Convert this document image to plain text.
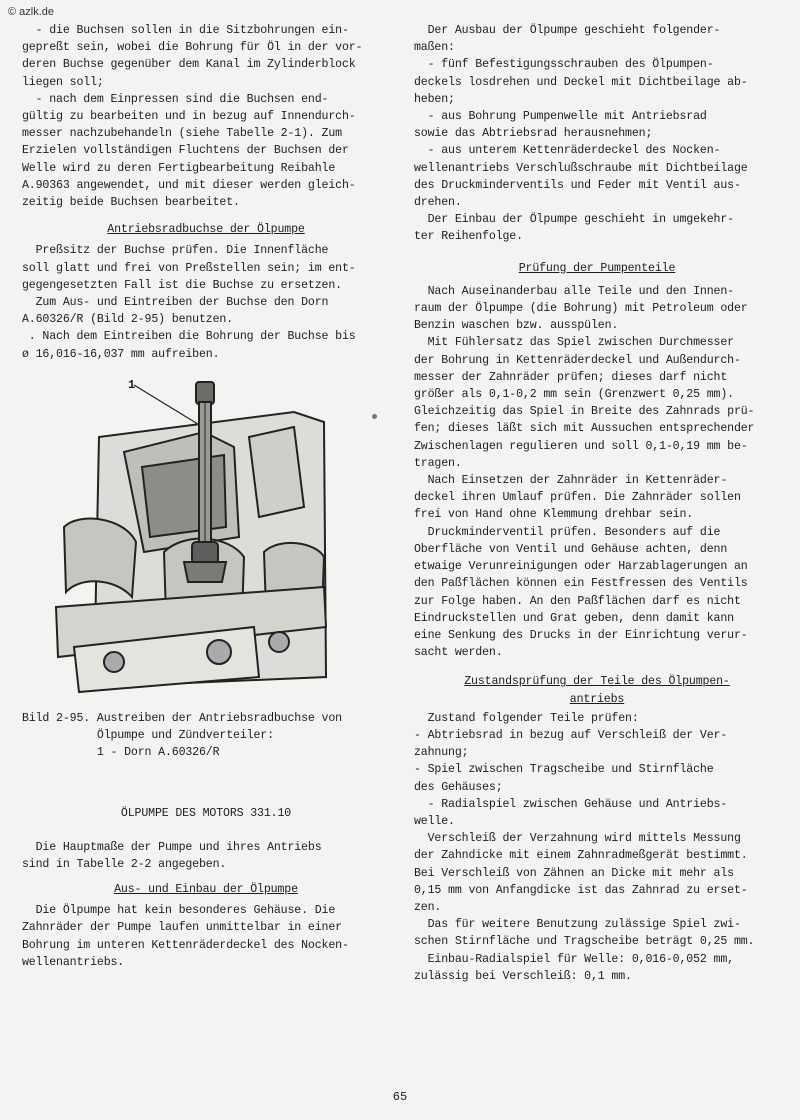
© azlk.de

- die Buchsen sollen in die Sitzbohrungen ein-

gepreßt sein, wobei die Bohrung für Öl in der vor-

deren Buchse gegenüber dem Kanal im Zylinderblock

liegen soll;

- nach dem Einpressen sind die Buchsen end-

gültig zu bearbeiten und in bezug auf Innendurch-

messer nachzubehandeln (siehe Tabelle 2-1). Zum

Erzielen vollständigen Fluchtens der Buchsen der

Welle wird zu deren Fertigbearbeitung Reibahle

A.90363 angewendet, und mit dieser werden gleich-

zeitig beide Buchsen bearbeitet.

Antriebsradbuchse der Ölpumpe

Preßsitz der Buchse prüfen. Die Innenfläche

soll glatt und frei von Preßstellen sein; im ent-

gegengesetzten Fall ist die Buchse zu ersetzen.

Zum Aus- und Eintreiben der Buchse den Dorn

A.60326/R (Bild 2-95) benutzen.

. Nach dem Eintreiben die Bohrung der Buchse bis

ø 16,016-16,037 mm aufreiben.

1

Bild 2-95. Austreiben der Antriebsradbuchse von

Ölpumpe und Zündverteiler:

1 - Dorn A.60326/R

ÖLPUMPE DES MOTORS 331.10

Die Hauptmaße der Pumpe und ihres Antriebs

sind in Tabelle 2-2 angegeben.

Aus- und Einbau der Ölpumpe

Die Ölpumpe hat kein besonderes Gehäuse. Die

Zahnräder der Pumpe laufen unmittelbar in einer

Bohrung im unteren Kettenräderdeckel des Nocken-

wellenantriebs.

Der Ausbau der Ölpumpe geschieht folgender-

maßen:

- fünf Befestigungsschrauben des Ölpumpen-

deckels losdrehen und Deckel mit Dichtbeilage ab-

heben;

- aus Bohrung Pumpenwelle mit Antriebsrad

sowie das Abtriebsrad herausnehmen;

- aus unterem Kettenräderdeckel des Nocken-

wellenantriebs Verschlußschraube mit Dichtbeilage

des Druckminderventils und Feder mit Ventil aus-

drehen.

Der Einbau der Ölpumpe geschieht in umgekehr-

ter Reihenfolge.

Prüfung der Pumpenteile

Nach Auseinanderbau alle Teile und den Innen-

raum der Ölpumpe (die Bohrung) mit Petroleum oder

Benzin waschen bzw. ausspülen.

Mit Fühlersatz das Spiel zwischen Durchmesser

der Bohrung in Kettenräderdeckel und Außendurch-

messer der Zahnräder prüfen; dieses darf nicht

größer als 0,1-0,2 mm sein (Grenzwert 0,25 mm).

Gleichzeitig das Spiel in Breite des Zahnrads prü-

fen; dieses läßt sich mit Aussuchen entsprechender

Zwischenlagen regulieren und soll 0,1-0,19 mm be-

tragen.

Nach Einsetzen der Zahnräder in Kettenräder-

deckel ihren Umlauf prüfen. Die Zahnräder sollen

frei von Hand ohne Klemmung drehbar sein.

Druckminderventil prüfen. Besonders auf die

Oberfläche von Ventil und Gehäuse achten, denn

etwaige Verunreinigungen oder Harzablagerungen an

den Paßflächen können ein Festfressen des Ventils

zur Folge haben. An den Paßflächen darf es nicht

Eindruckstellen und Grat geben, denn damit kann

eine Senkung des Drucks in der Einrichtung verur-

sacht werden.

Zustandsprüfung der Teile des Ölpumpen-

antriebs

Zustand folgender Teile prüfen:

- Abtriebsrad in bezug auf Verschleiß der Ver-

zahnung;

- Spiel zwischen Tragscheibe und Stirnfläche

des Gehäuses;

- Radialspiel zwischen Gehäuse und Antriebs-

welle.

Verschleiß der Verzahnung wird mittels Messung

der Zahndicke mit einem Zahnradmeßgerät bestimmt.

Bei Verschleiß von Zähnen an Dicke mit mehr als

0,15 mm von Anfangdicke ist das Zahnrad zu erset-

zen.

Das für weitere Benutzung zulässige Spiel zwi-

schen Stirnfläche und Tragscheibe beträgt 0,25 mm.

Einbau-Radialspiel für Welle: 0,016-0,052 mm,

zulässig bei Verschleiß: 0,1 mm.

65
